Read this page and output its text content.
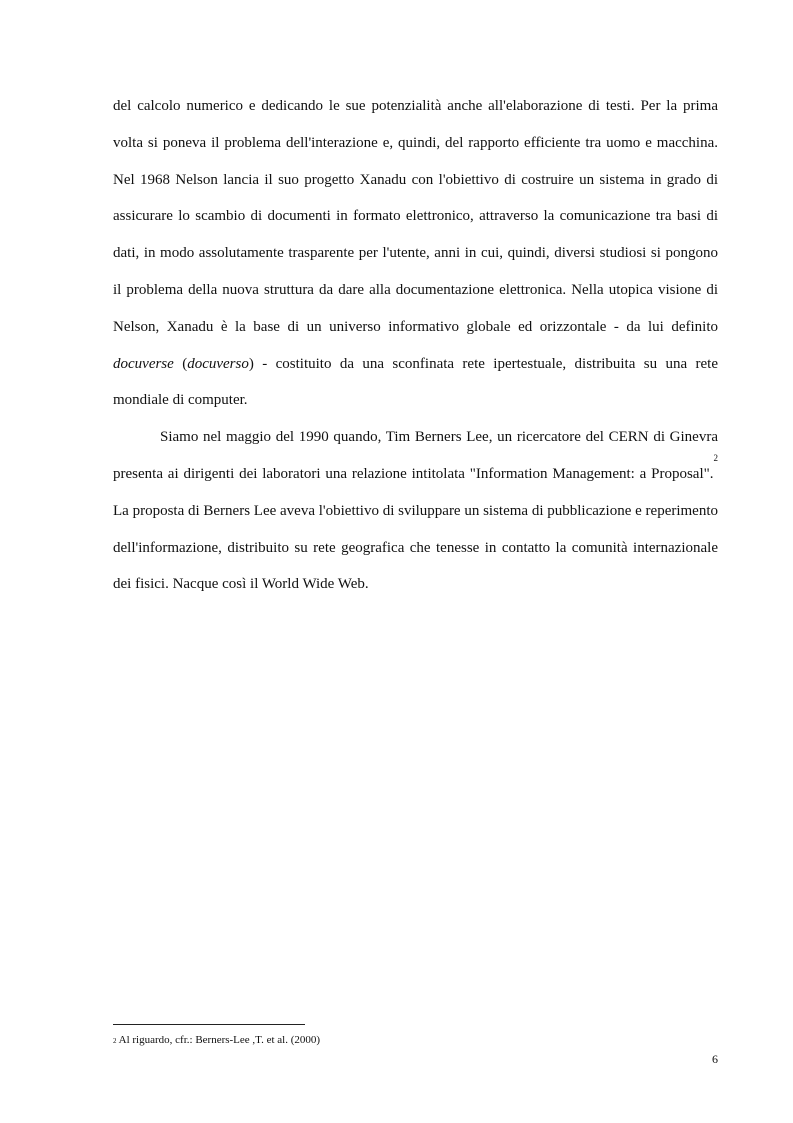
del calcolo numerico e dedicando le sue potenzialità anche all'elaborazione di testi. Per la prima volta si poneva il problema dell'interazione e, quindi, del rapporto efficiente tra uomo e macchina. Nel 1968 Nelson lancia il suo progetto Xanadu con l'obiettivo di costruire un sistema in grado di assicurare lo scambio di documenti in formato elettronico, attraverso la comunicazione tra basi di dati, in modo assolutamente trasparente per l'utente, anni in cui, quindi, diversi studiosi si pongono il problema della nuova struttura da dare alla documentazione elettronica. Nella utopica visione di Nelson, Xanadu è la base di un universo informativo globale ed orizzontale - da lui definito docuverse (docuverso) - costituito da una sconfinata rete ipertestuale, distribuita su una rete mondiale di computer.

Siamo nel maggio del 1990 quando, Tim Berners Lee, un ricercatore del CERN di Ginevra presenta ai dirigenti dei laboratori una relazione intitolata "Information Management: a Proposal".$^2$ La proposta di Berners Lee aveva l'obiettivo di sviluppare un sistema di pubblicazione e reperimento dell'informazione, distribuito su rete geografica che tenesse in contatto la comunità internazionale dei fisici. Nacque così il World Wide Web.

$^2$ Al riguardo, cfr.: Berners-Lee ,T. et al. (2000)

6
